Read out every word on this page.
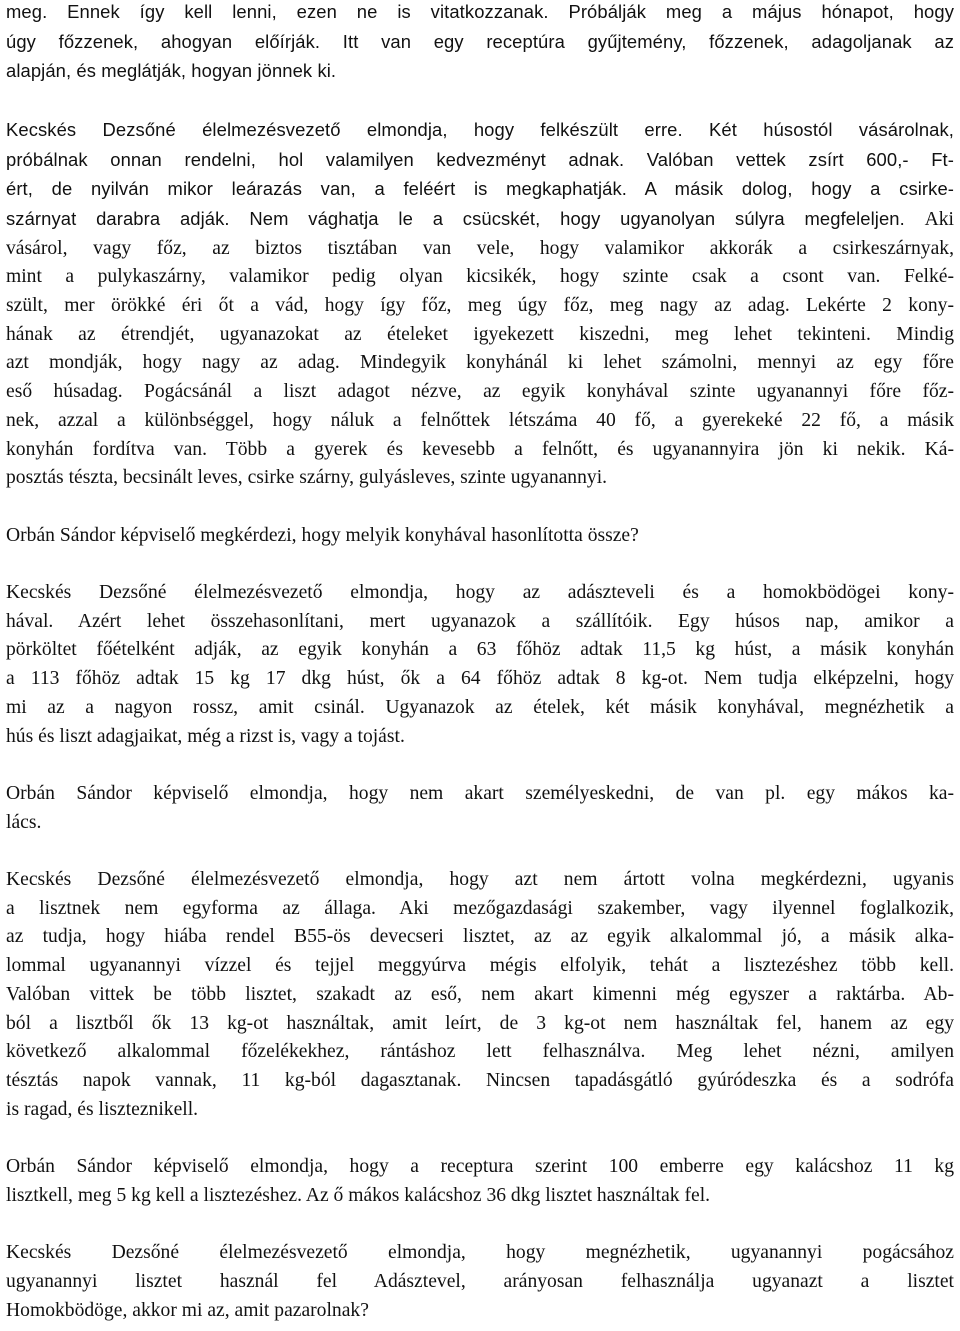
meg. Ennek így kell lenni, ezen ne is vitatkozzanak. Próbálják meg a május hónapot, hogy
úgy főzzenek, ahogyan előírják. Itt van egy receptúra gyűjtemény, főzzenek, adagoljanak az
alapján, és meglátják, hogyan jönnek ki.
Kecskés Dezsőné élelmezésvezető elmondja, hogy felkészült erre. Két húsostól vásárolnak,
próbálnak onnan rendelni, hol valamilyen kedvezményt adnak. Valóban vettek zsírt 600,- Ft-
ért, de nyilván mikor leárazás van, a feléért is megkaphatják. A másik dolog, hogy a csirke-
szárnyat darabra adják. Nem vághatja le a csücskét, hogy ugyanolyan súlyra megfeleljen. Aki
vásárol, vagy főz, az biztos tisztában van vele, hogy valamikor akkorák a csirkeszárnyak,
mint a pulykaszárny, valamikor pedig olyan kicsikék, hogy szinte csak a csont van. Felké-
szült, mer örökké éri őt a vád, hogy így főz, meg úgy főz, meg nagy az adag. Lekérte 2 kony-
hának az étrendjét, ugyanazokat az ételeket igyekezett kiszedni, meg lehet tekinteni. Mindig
azt mondják, hogy nagy az adag. Mindegyik konyhánál ki lehet számolni, mennyi az egy főre
eső húsadag. Pogácsánál a liszt adagot nézve, az egyik konyhával szinte ugyanannyi főre főz-
nek, azzal a különbséggel, hogy náluk a felnőttek létszáma 40 fő, a gyerekeké 22 fő, a másik
konyhán fordítva van. Több a gyerek és kevesebb a felnőtt, és ugyanannyira jön ki nekik. Ká-
posztás tészta, becsinált leves, csirke szárny, gulyásleves, szinte ugyanannyi.
Orbán Sándor képviselő megkérdezi, hogy melyik konyhával hasonlította össze?
Kecskés Dezsőné élelmezésvezető elmondja, hogy az adászteveli és a homokbödögei kony-
hával. Azért lehet összehasonlítani, mert ugyanazok a szállítóik. Egy húsos nap, amikor a
pörköltet főételként adják, az egyik konyhán a 63 főhöz adtak 11,5 kg húst, a másik konyhán
a 113 főhöz adtak 15 kg 17 dkg húst, ők a 64 főhöz adtak 8 kg-ot. Nem tudja elképzelni, hogy
mi az a nagyon rossz, amit csinál. Ugyanazok az ételek, két másik konyhával, megnézhetik a
hús és liszt adagjaikat, még a rizst is, vagy a tojást.
Orbán Sándor képviselő elmondja, hogy nem akart személyeskedni, de van pl. egy mákos ka-
lács.
Kecskés Dezsőné élelmezésvezető elmondja, hogy azt nem ártott volna megkérdezni, ugyanis
a lisztnek nem egyforma az állaga. Aki mezőgazdasági szakember, vagy ilyennel foglalkozik,
az tudja, hogy hiába rendel B55-ös devecseri lisztet, az az egyik alkalommal jó, a másik alka-
lommal ugyanannyi vízzel és tejjel meggyúrva mégis elfolyik, tehát a lisztezéshez több kell.
Valóban vittek be több lisztet, szakadt az eső, nem akart kimenni még egyszer a raktárba. Ab-
ból a lisztből ők 13 kg-ot használtak, amit leírt, de 3 kg-ot nem használtak fel, hanem az egy
következő alkalommal főzelékekhez, rántáshoz lett felhasználva. Meg lehet nézni, amilyen
tésztás napok vannak, 11 kg-ból dagasztanak. Nincsen tapadásgátló gyúródeszka és a sodrófa
is ragad, és liszteznikell.
Orbán Sándor képviselő elmondja, hogy a receptura szerint 100 emberre egy kalácshoz 11 kg
lisztkell, meg 5 kg kell a lisztezéshez. Az ő mákos kalácshoz 36 dkg lisztet használtak fel.
Kecskés Dezsőné élelmezésvezető elmondja, hogy megnézhetik, ugyanannyi pogácsához
ugyanannyi lisztet használ fel Adásztevel, arányosan felhasználja ugyanazt a lisztet
Homokbödöge, akkor mi az, amit pazarolnak?
